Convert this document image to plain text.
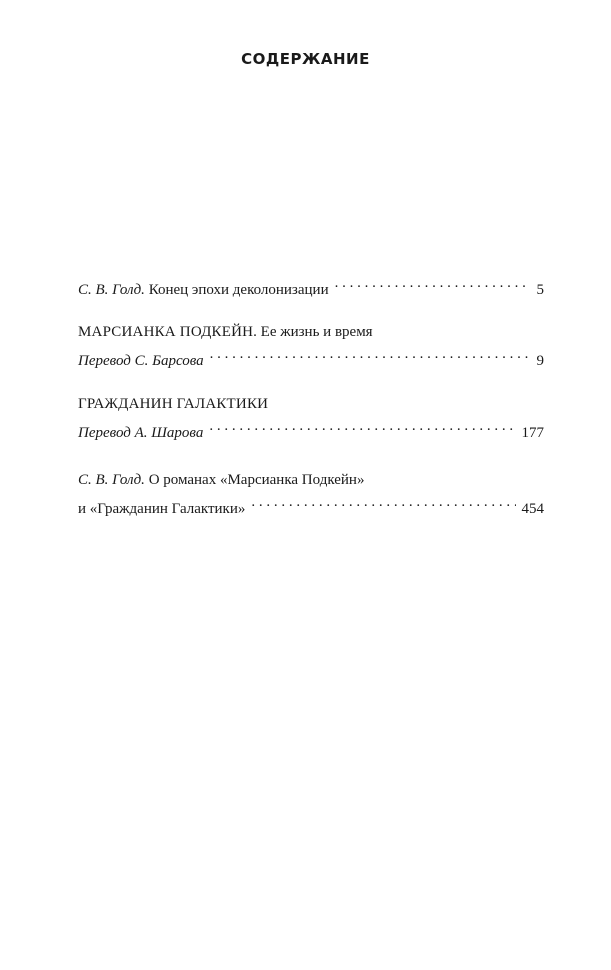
СОДЕРЖАНИЕ
С. В. Голд. Конец эпохи деколонизации . . .	5
МАРСИАНКА ПОДКЕЙН. Ее жизнь и время
Перевод С. Барсова . . .	9
ГРАЖДАНИН ГАЛАКТИКИ
Перевод А. Шарова . . .	177
С. В. Голд. О романах «Марсианка Подкейн»
и «Гражданин Галактики» . . .	454
